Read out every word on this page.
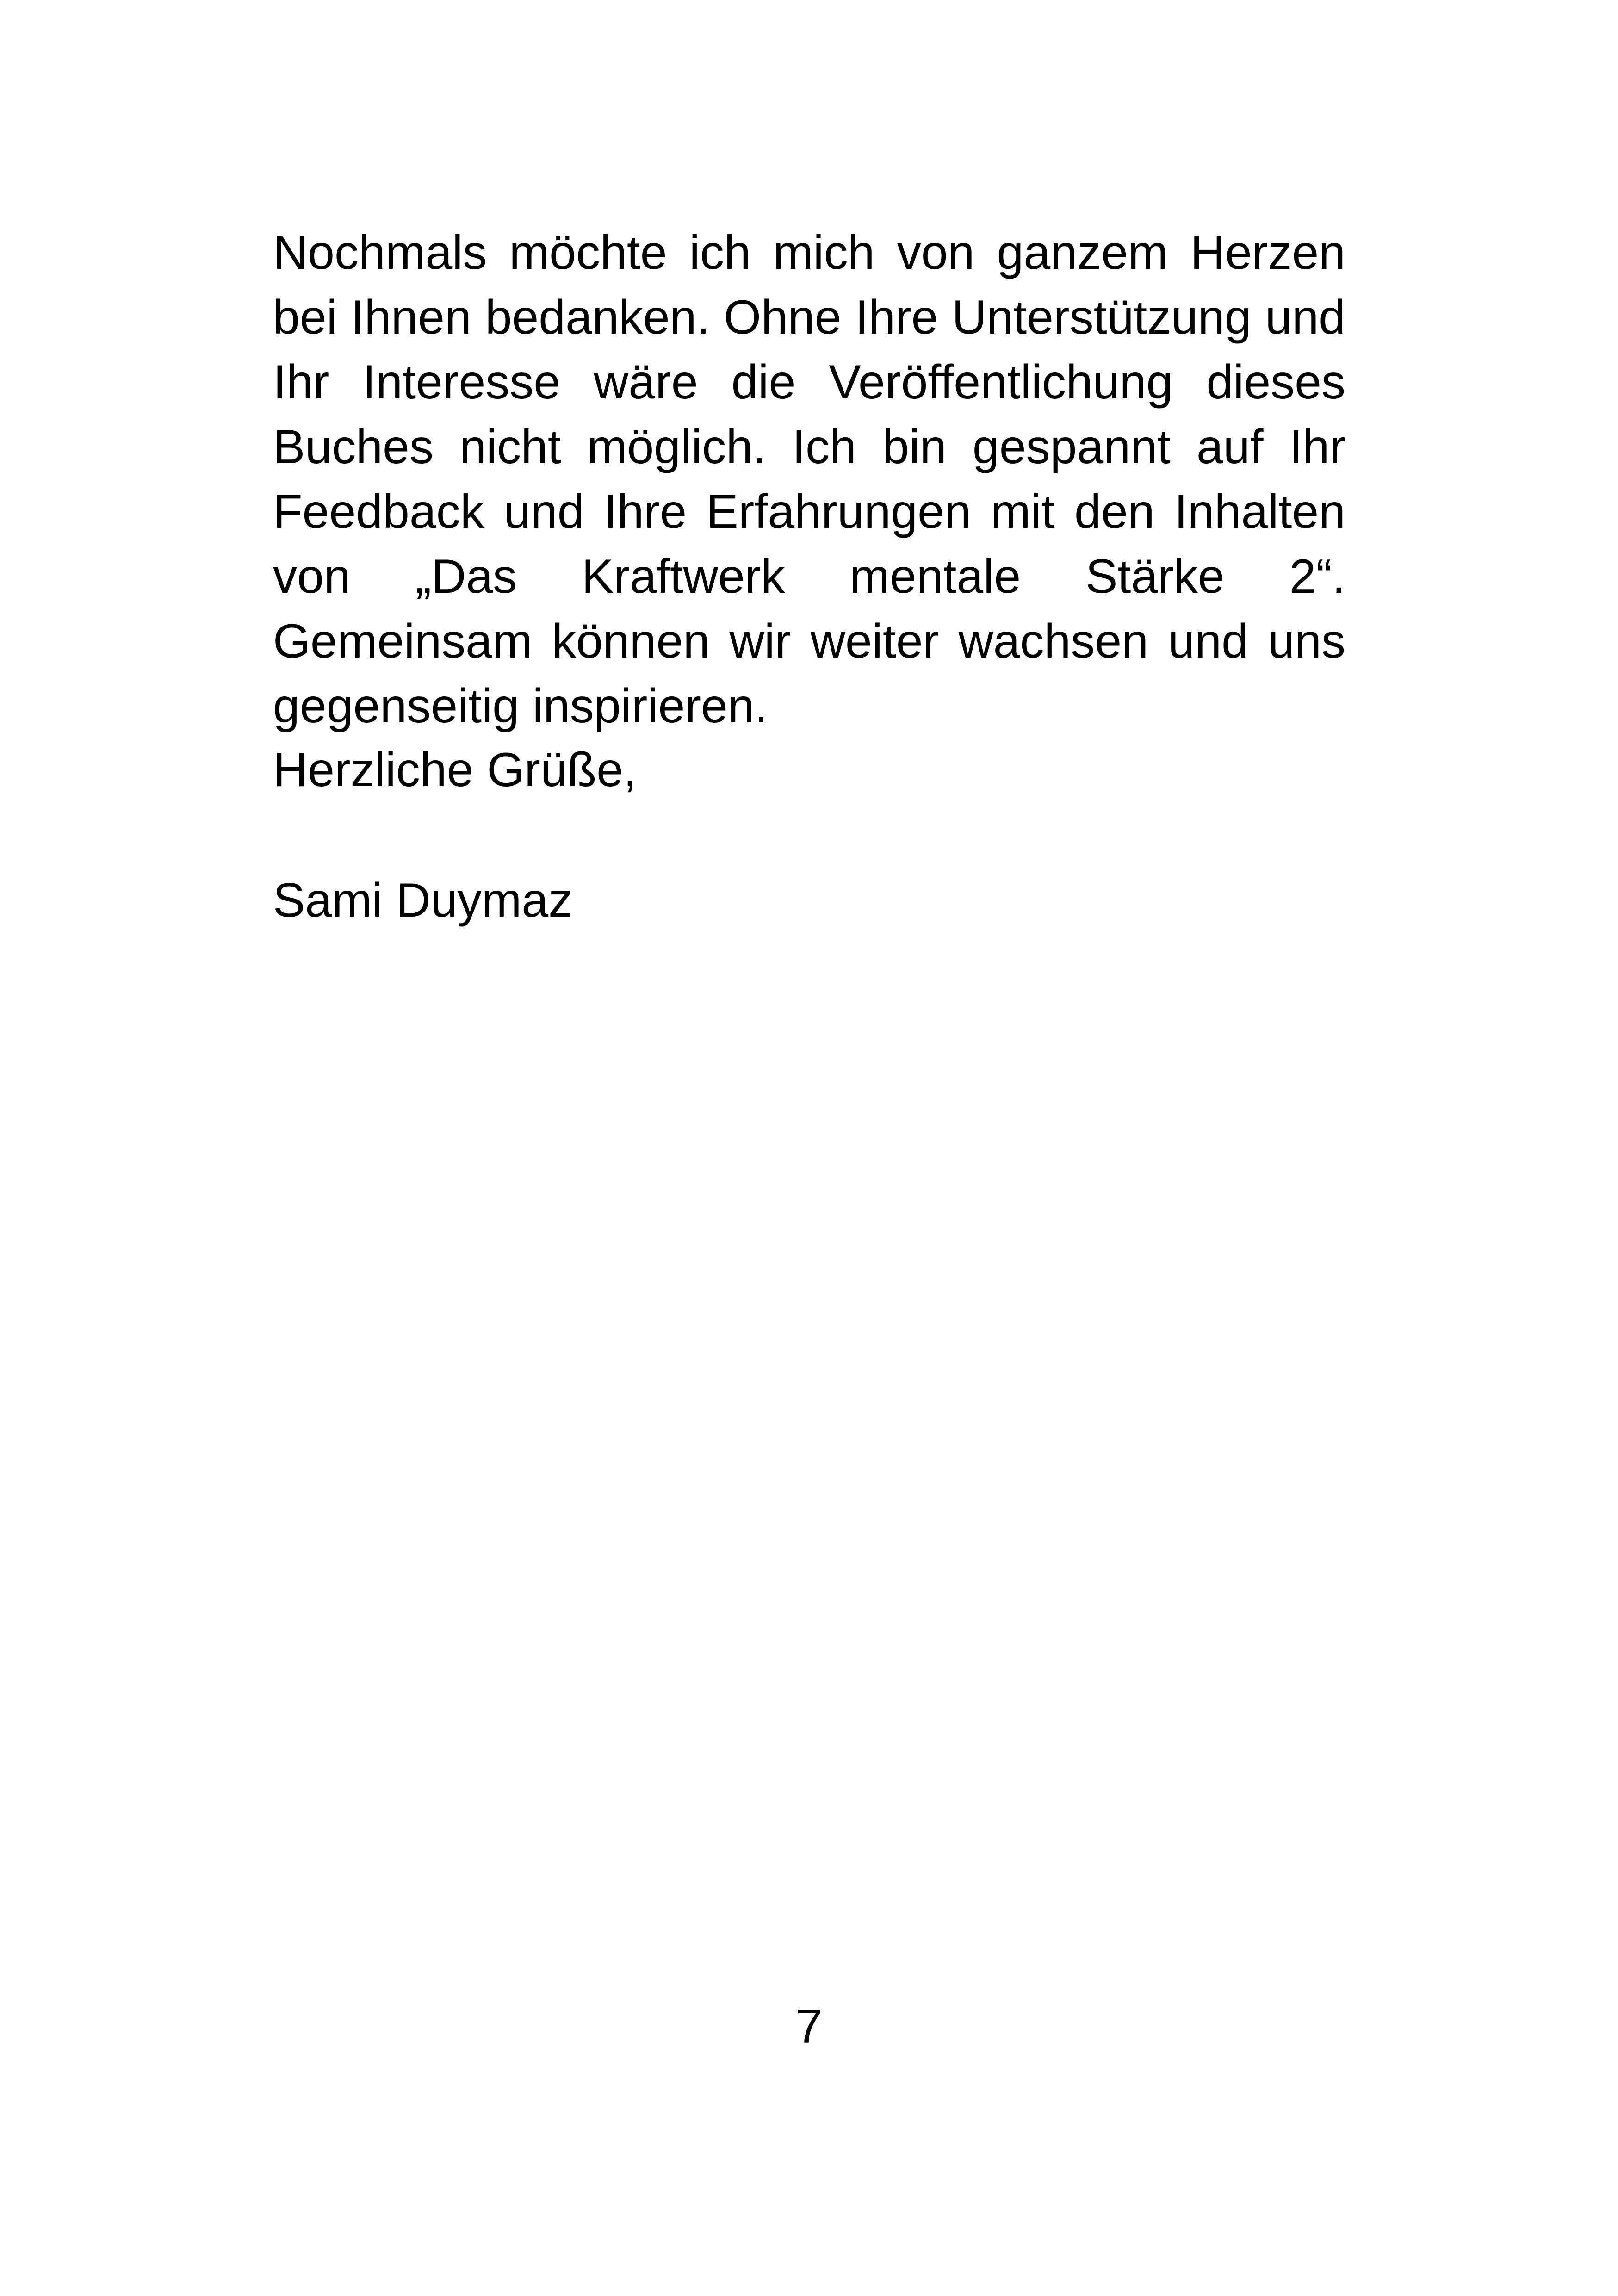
Nochmals möchte ich mich von ganzem Herzen bei Ihnen bedanken. Ohne Ihre Unterstützung und Ihr Interesse wäre die Veröffentlichung dieses Buches nicht möglich. Ich bin gespannt auf Ihr Feedback und Ihre Erfahrungen mit den Inhalten von „Das Kraftwerk mentale Stärke 2“. Gemeinsam können wir weiter wachsen und uns gegenseitig inspirieren.

Herzliche Grüße,

Sami Duymaz

7
